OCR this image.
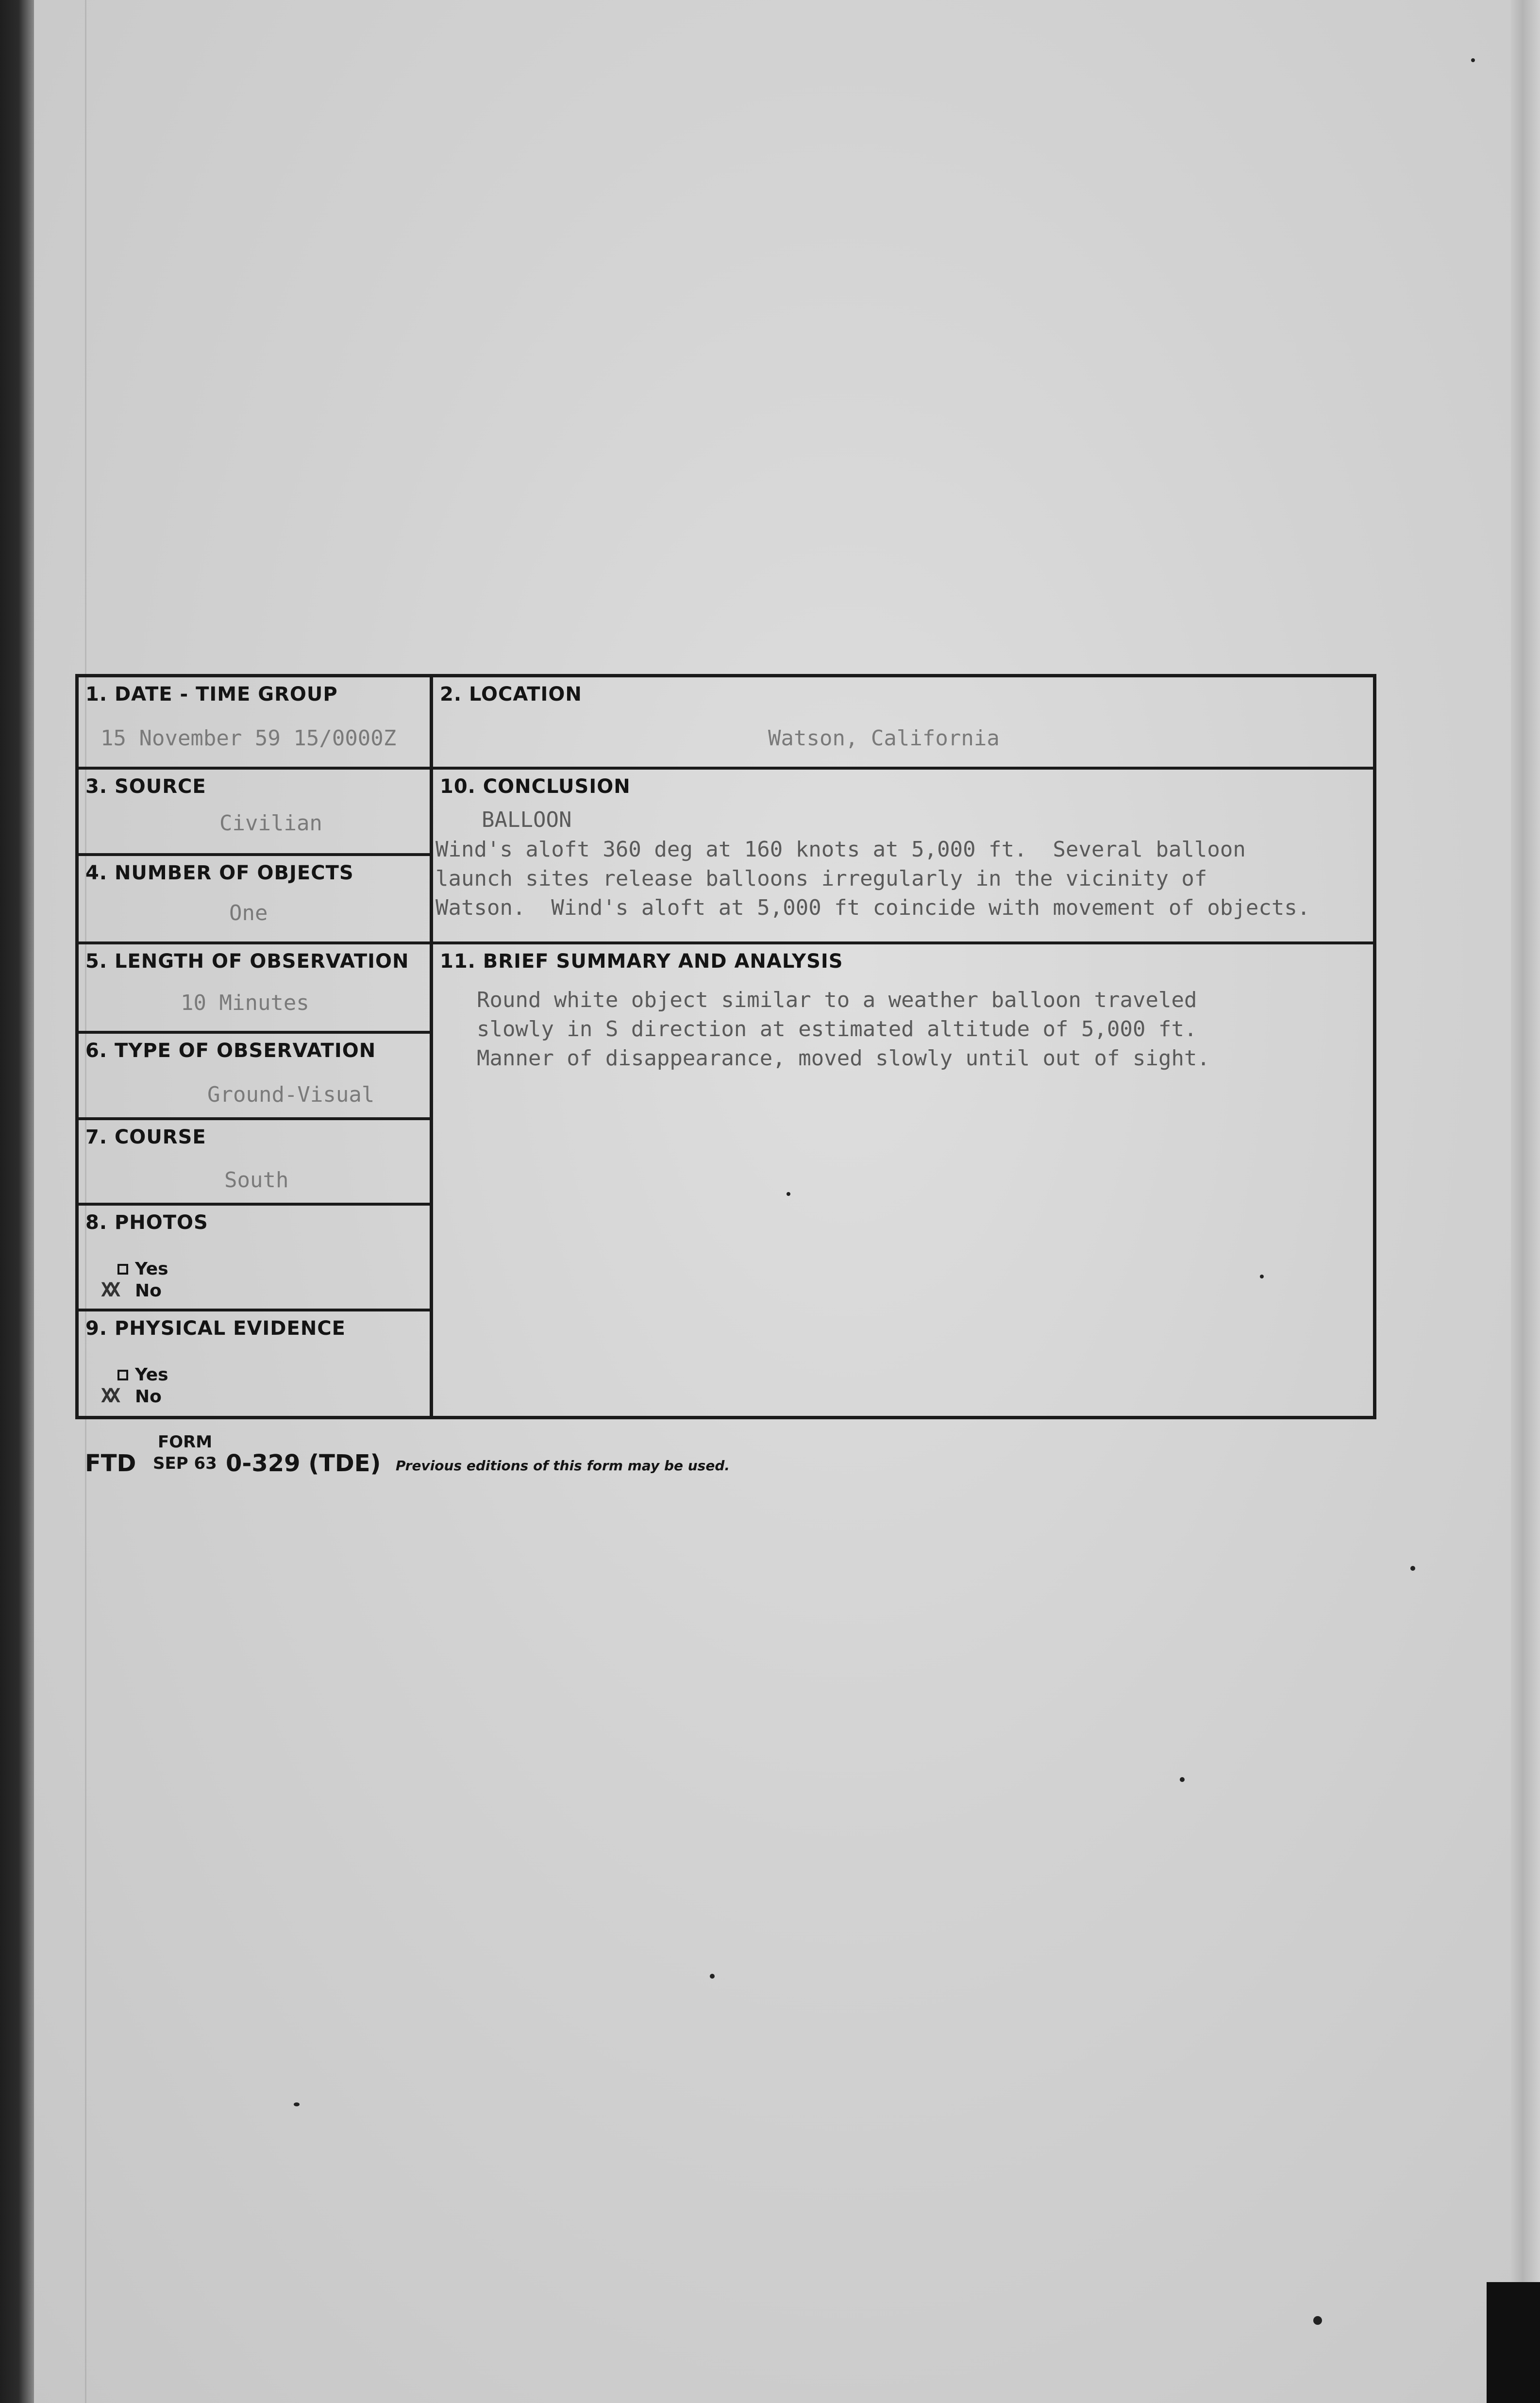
1. DATE - TIME GROUP
15 November 59 15/0000Z
3. SOURCE
Civilian
4. NUMBER OF OBJECTS
One
5. LENGTH OF OBSERVATION
10 Minutes
6. TYPE OF OBSERVATION
Ground-Visual
7. COURSE
South
8. PHOTOS
Yes
XX
No
9. PHYSICAL EVIDENCE
Yes
XX
No
2. LOCATION
Watson, California
10. CONCLUSION
BALLOON
Wind's aloft 360 deg at 160 knots at 5,000 ft.  Several balloon
launch sites release balloons irregularly in the vicinity of
Watson.  Wind's aloft at 5,000 ft coincide with movement of objects.
11. BRIEF SUMMARY AND ANALYSIS
Round white object similar to a weather balloon traveled
slowly in S direction at estimated altitude of 5,000 ft.
Manner of disappearance, moved slowly until out of sight.
FORM
FTD SEP 63 0-329 (TDE) Previous editions of this form may be used.
